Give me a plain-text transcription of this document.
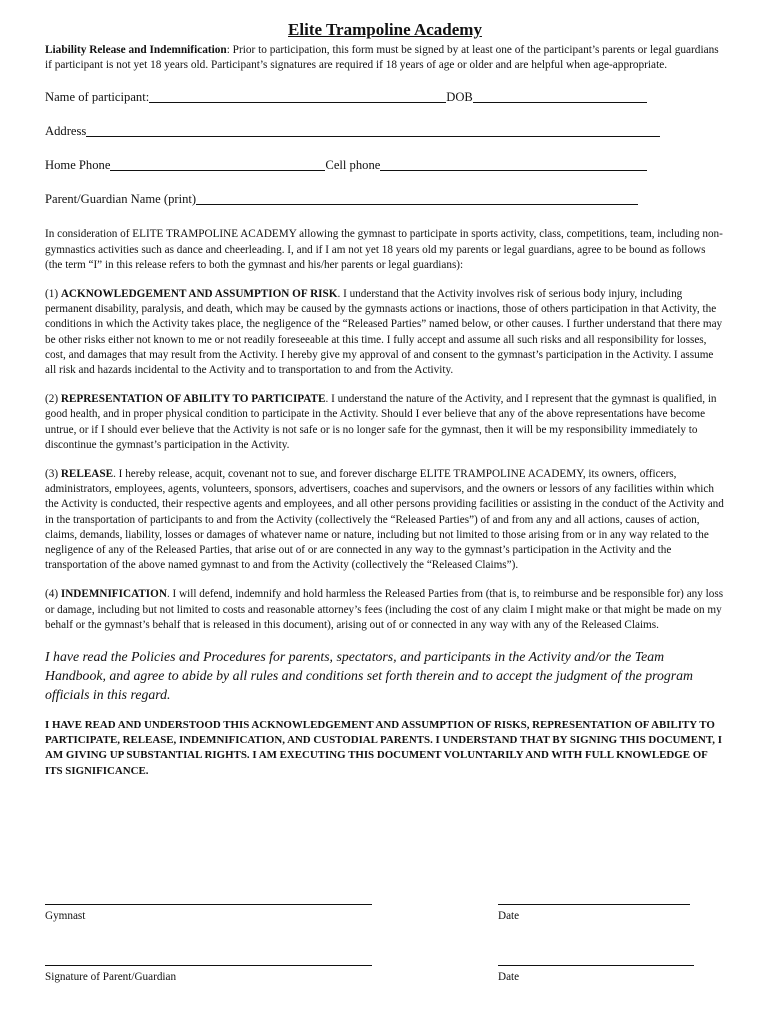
Elite Trampoline Academy

Liability Release and Indemnification: Prior to participation, this form must be signed by at least one of the participant’s parents or legal guardians if participant is not yet 18 years old. Participant’s signatures are required if 18 years of age or older and are helpful when age-appropriate.

Name of participant:	DOB
Address
Home Phone	Cell phone
Parent/Guardian Name (print)

In consideration of ELITE TRAMPOLINE ACADEMY allowing the gymnast to participate in sports activity, class, competitions, team, including non-gymnastics activities such as dance and cheerleading. I, and if I am not yet 18 years old my parents or legal guardians, agree to be bound as follows (the term “I” in this release refers to both the gymnast and his/her parents or legal guardians):

(1) ACKNOWLEDGEMENT AND ASSUMPTION OF RISK. I understand that the Activity involves risk of serious body injury, including permanent disability, paralysis, and death, which may be caused by the gymnasts actions or inactions, those of others participation in that Activity, the conditions in which the Activity takes place, the negligence of the “Released Parties” named below, or other causes. I further understand that there may be other risks either not known to me or not readily foreseeable at this time. I fully accept and assume all such risks and all responsibility for losses, cost, and damages that may result from the Activity. I hereby give my approval of and consent to the gymnast’s participation in the Activity. I assume all risk and hazards incidental to the Activity and to transportation to and from the Activity.

(2) REPRESENTATION OF ABILITY TO PARTICIPATE. I understand the nature of the Activity, and I represent that the gymnast is qualified, in good health, and in proper physical condition to participate in the Activity. Should I ever believe that any of the above representations have become untrue, or if I should ever believe that the Activity is not safe or is no longer safe for the gymnast, then it will be my responsibility immediately to discontinue the gymnast’s participation in the Activity.

(3) RELEASE. I hereby release, acquit, covenant not to sue, and forever discharge ELITE TRAMPOLINE ACADEMY, its owners, officers, administrators, employees, agents, volunteers, sponsors, advertisers, coaches and supervisors, and the owners or lessors of any facilities within which the Activity is conducted, their respective agents and employees, and all other persons providing facilities or assisting in the conduct of the Activity and in the transportation of participants to and from the Activity (collectively the “Released Parties”) of and from any and all actions, causes of action, claims, demands, liability, losses or damages of whatever name or nature, including but not limited to those arising from or in any way related to the negligence of any of the Released Parties, that arise out of or are connected in any way to the gymnast’s participation in the Activity and the transportation of the above named gymnast to and from the Activity (collectively the “Released Claims”).

(4) INDEMNIFICATION. I will defend, indemnify and hold harmless the Released Parties from (that is, to reimburse and be responsible for) any loss or damage, including but not limited to costs and reasonable attorney’s fees (including the cost of any claim I might make or that might be made on my behalf or the gymnast’s behalf that is released in this document), arising out of or connected in any way with any of the Released Claims.

I have read the Policies and Procedures for parents, spectators, and participants in the Activity and/or the Team Handbook, and agree to abide by all rules and conditions set forth therein and to accept the judgment of the program officials in this regard.

I HAVE READ AND UNDERSTOOD THIS ACKNOWLEDGEMENT AND ASSUMPTION OF RISKS, REPRESENTATION OF ABILITY TO PARTICIPATE, RELEASE, INDEMNIFICATION, AND CUSTODIAL PARENTS. I UNDERSTAND THAT BY SIGNING THIS DOCUMENT, I AM GIVING UP SUBSTANTIAL RIGHTS. I AM EXECUTING THIS DOCUMENT VOLUNTARILY AND WITH FULL KNOWLEDGE OF ITS SIGNIFICANCE.

Gymnast	Date
Signature of Parent/Guardian	Date
